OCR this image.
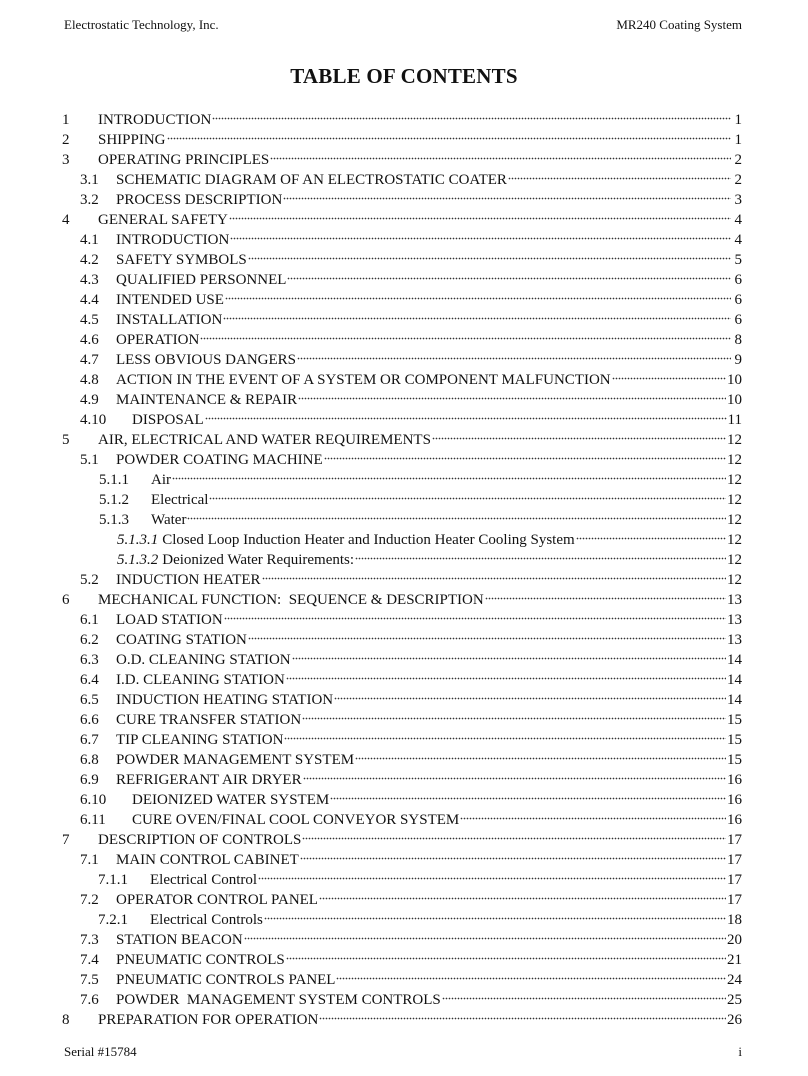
Electrostatic Technology, Inc.	MR240 Coating System
TABLE OF CONTENTS
1	INTRODUCTION	1
2	SHIPPING	1
3	OPERATING PRINCIPLES	2
3.1	SCHEMATIC DIAGRAM OF AN ELECTROSTATIC COATER	2
3.2	PROCESS DESCRIPTION	3
4	GENERAL SAFETY	4
4.1	INTRODUCTION	4
4.2	SAFETY SYMBOLS	5
4.3	QUALIFIED PERSONNEL	6
4.4	INTENDED USE	6
4.5	INSTALLATION	6
4.6	OPERATION	8
4.7	LESS OBVIOUS DANGERS	9
4.8	ACTION IN THE EVENT OF A SYSTEM OR COMPONENT MALFUNCTION	10
4.9	MAINTENANCE & REPAIR	10
4.10	DISPOSAL	11
5	AIR, ELECTRICAL AND WATER REQUIREMENTS	12
5.1	POWDER COATING MACHINE	12
5.1.1	Air	12
5.1.2	Electrical	12
5.1.3	Water	12
5.1.3.1 Closed Loop Induction Heater and Induction Heater Cooling System	12
5.1.3.2 Deionized Water Requirements:	12
5.2	INDUCTION HEATER	12
6	MECHANICAL FUNCTION:  SEQUENCE & DESCRIPTION	13
6.1	LOAD STATION	13
6.2	COATING STATION	13
6.3	O.D. CLEANING STATION	14
6.4	I.D. CLEANING STATION	14
6.5	INDUCTION HEATING STATION	14
6.6	CURE TRANSFER STATION	15
6.7	TIP CLEANING STATION	15
6.8	POWDER MANAGEMENT SYSTEM	15
6.9	REFRIGERANT AIR DRYER	16
6.10	DEIONIZED WATER SYSTEM	16
6.11	CURE OVEN/FINAL COOL CONVEYOR SYSTEM	16
7	DESCRIPTION OF CONTROLS	17
7.1	MAIN CONTROL CABINET	17
7.1.1	Electrical Control	17
7.2	OPERATOR CONTROL PANEL	17
7.2.1	Electrical Controls	18
7.3	STATION BEACON	20
7.4	PNEUMATIC CONTROLS	21
7.5	PNEUMATIC CONTROLS PANEL	24
7.6	POWDER  MANAGEMENT SYSTEM CONTROLS	25
8	PREPARATION FOR OPERATION	26
Serial #15784	i
